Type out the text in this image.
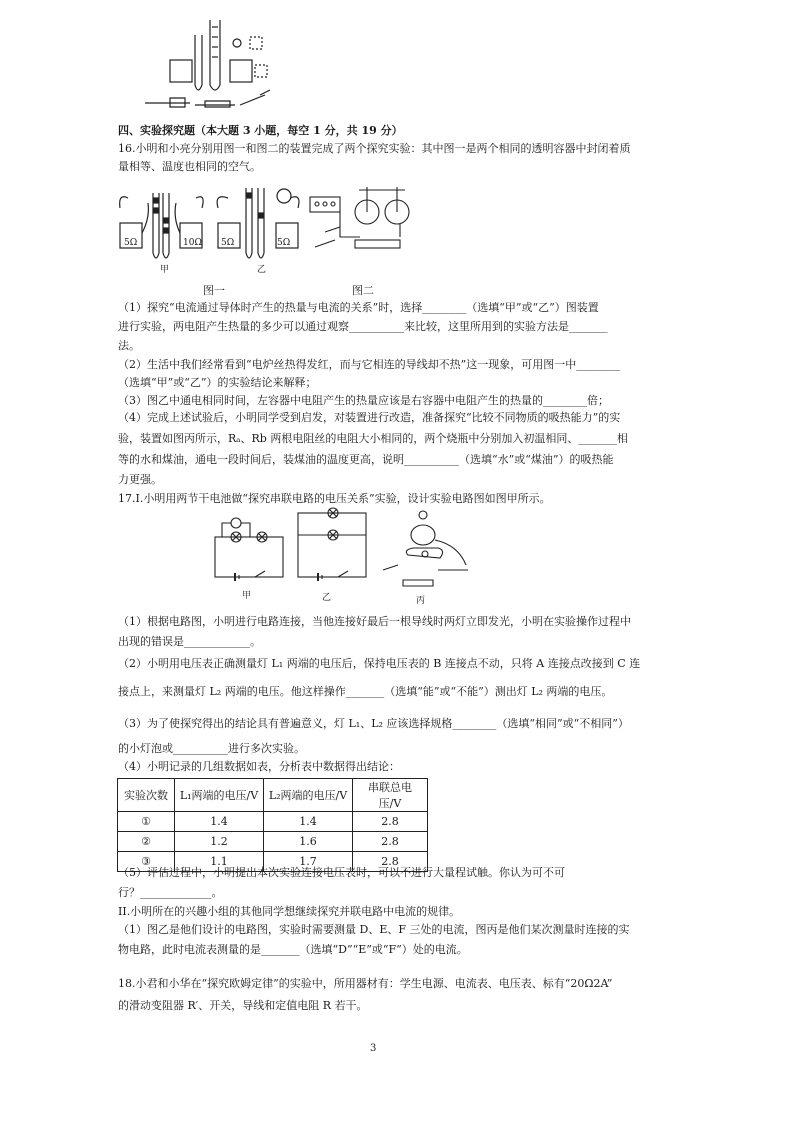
四、实验探究题（本大题 3 小题，每空 1 分，共 19 分）
16.小明和小亮分别用图一和图二的装置完成了两个探究实验：其中图一是两个相同的透明容器中封闭着质
量相等、温度也相同的空气。
5Ω	10Ω 5Ω	5Ω
甲	乙
图一	图二
（1）探究“电流通过导体时产生的热量与电流的关系”时，选择________（选填“甲”或“乙”）图装置
进行实验，两电阻产生热量的多少可以通过观察__________来比较，这里所用到的实验方法是_______
法。
（2）生活中我们经常看到“电炉丝热得发红，而与它相连的导线却不热”这一现象，可用图一中________
（选填“甲”或“乙”）的实验结论来解释；
（3）图乙中通电相同时间，左容器中电阻产生的热量应该是右容器中电阻产生的热量的________倍；
（4）完成上述试验后，小明同学受到启发，对装置进行改造，准备探究“比较不同物质的吸热能力”的实
验，装置如图丙所示，Rₐ、Rb 两根电阻丝的电阻大小相同的，两个烧瓶中分别加入初温相同、_______相
等的水和煤油，通电一段时间后，装煤油的温度更高，说明__________（选填“水”或“煤油”）的吸热能
力更强。
17.I.小明用两节干电池做“探究串联电路的电压关系”实验，设计实验电路图如图甲所示。
甲	乙	丙
（1）根据电路图，小明进行电路连接，当他连接好最后一根导线时两灯立即发光，小明在实验操作过程中
出现的错误是____________。
（2）小明用电压表正确测量灯 L₁ 两端的电压后，保持电压表的 B 连接点不动，只将 A 连接点改接到 C 连
接点上，来测量灯 L₂ 两端的电压。他这样操作_______（选填“能”或“不能”）测出灯 L₂ 两端的电压。
（3）为了使探究得出的结论具有普遍意义，灯 L₁、L₂ 应该选择规格________（选填“相同”或“不相同”）
的小灯泡或__________进行多次实验。
（4）小明记录的几组数据如表，分析表中数据得出结论：
实验次数	L₁两端的电压/V	L₂两端的电压/V	串联总电压/V
①	1.4	1.4	2.8
②	1.2	1.6	2.8
③	1.1	1.7	2.8
（5）评估过程中，小明提出本次实验连接电压表时，可以不进行大量程试触。你认为可不可
行？_____________。
II.小明所在的兴趣小组的其他同学想继续探究并联电路中电流的规律。
（1）图乙是他们设计的电路图，实验时需要测量 D、E、F 三处的电流，图丙是他们某次测量时连接的实
物电路，此时电流表测量的是_______（选填“D”“E”或“F”）处的电流。
18.小君和小华在“探究欧姆定律”的实验中，所用器材有：学生电源、电流表、电压表、标有“20Ω2A”
的滑动变阻器 R′、开关，导线和定值电阻 R 若干。
3
